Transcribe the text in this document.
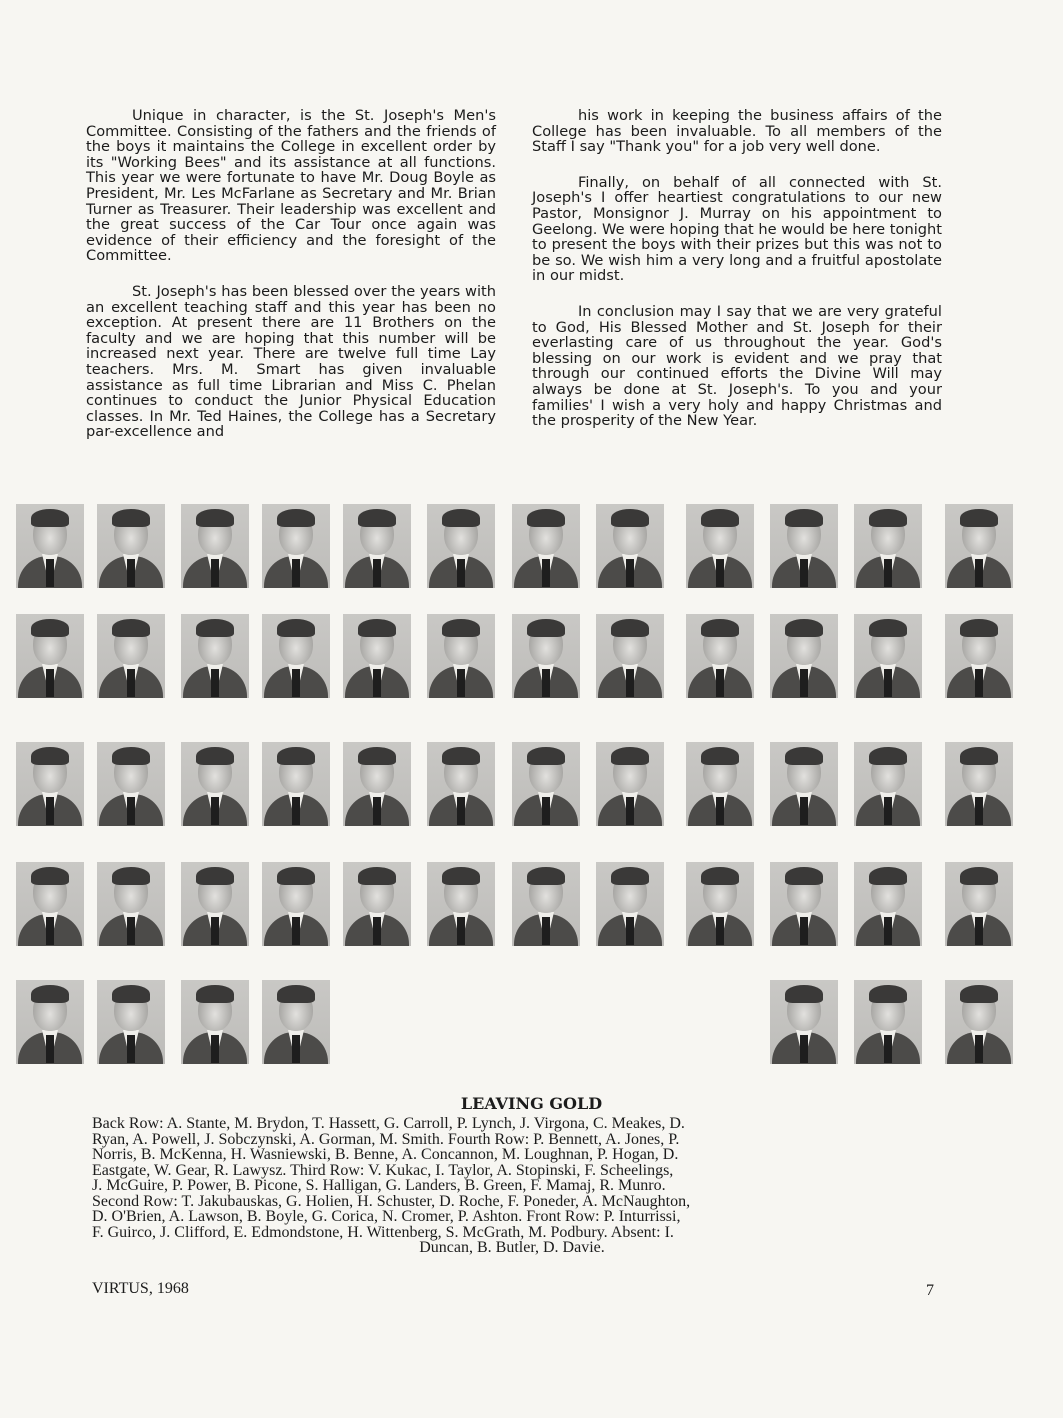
Unique in character, is the St. Joseph's Men's Committee. Consisting of the fathers and the friends of the boys it maintains the College in excellent order by its "Working Bees" and its assistance at all functions. This year we were fortunate to have Mr. Doug Boyle as President, Mr. Les McFarlane as Secretary and Mr. Brian Turner as Treasurer. Their leadership was excellent and the great success of the Car Tour once again was evidence of their efficiency and the foresight of the Committee.

St. Joseph's has been blessed over the years with an excellent teaching staff and this year has been no exception. At present there are 11 Brothers on the faculty and we are hoping that this number will be increased next year. There are twelve full time Lay teachers. Mrs. M. Smart has given invaluable assistance as full time Librarian and Miss C. Phelan continues to conduct the Junior Physical Education classes. In Mr. Ted Haines, the College has a Secretary par-excellence and

his work in keeping the business affairs of the College has been invaluable. To all members of the Staff I say "Thank you" for a job very well done.

Finally, on behalf of all connected with St. Joseph's I offer heartiest congratulations to our new Pastor, Monsignor J. Murray on his appointment to Geelong. We were hoping that he would be here tonight to present the boys with their prizes but this was not to be so. We wish him a very long and a fruitful apostolate in our midst.

In conclusion may I say that we are very grateful to God, His Blessed Mother and St. Joseph for their everlasting care of us throughout the year. God's blessing on our work is evident and we pray that through our continued efforts the Divine Will may always be done at St. Joseph's. To you and your families' I wish a very holy and happy Christmas and the prosperity of the New Year.

LEAVING GOLD
Back Row: A. Stante, M. Brydon, T. Hassett, G. Carroll, P. Lynch, J. Virgona, C. Meakes, D.
Ryan, A. Powell, J. Sobczynski, A. Gorman, M. Smith. Fourth Row: P. Bennett, A. Jones, P.
Norris, B. McKenna, H. Wasniewski, B. Benne, A. Concannon, M. Loughnan, P. Hogan, D.
Eastgate, W. Gear, R. Lawysz. Third Row: V. Kukac, I. Taylor, A. Stopinski, F. Scheelings,
J. McGuire, P. Power, B. Picone, S. Halligan, G. Landers, B. Green, F. Mamaj, R. Munro.
Second Row: T. Jakubauskas, G. Holien, H. Schuster, D. Roche, F. Poneder, A. McNaughton,
D. O'Brien, A. Lawson, B. Boyle, G. Corica, N. Cromer, P. Ashton. Front Row: P. Inturrissi,
F. Guirco, J. Clifford, E. Edmondstone, H. Wittenberg, S. McGrath, M. Podbury. Absent: I.
Duncan, B. Butler, D. Davie.
VIRTUS, 1968	7
